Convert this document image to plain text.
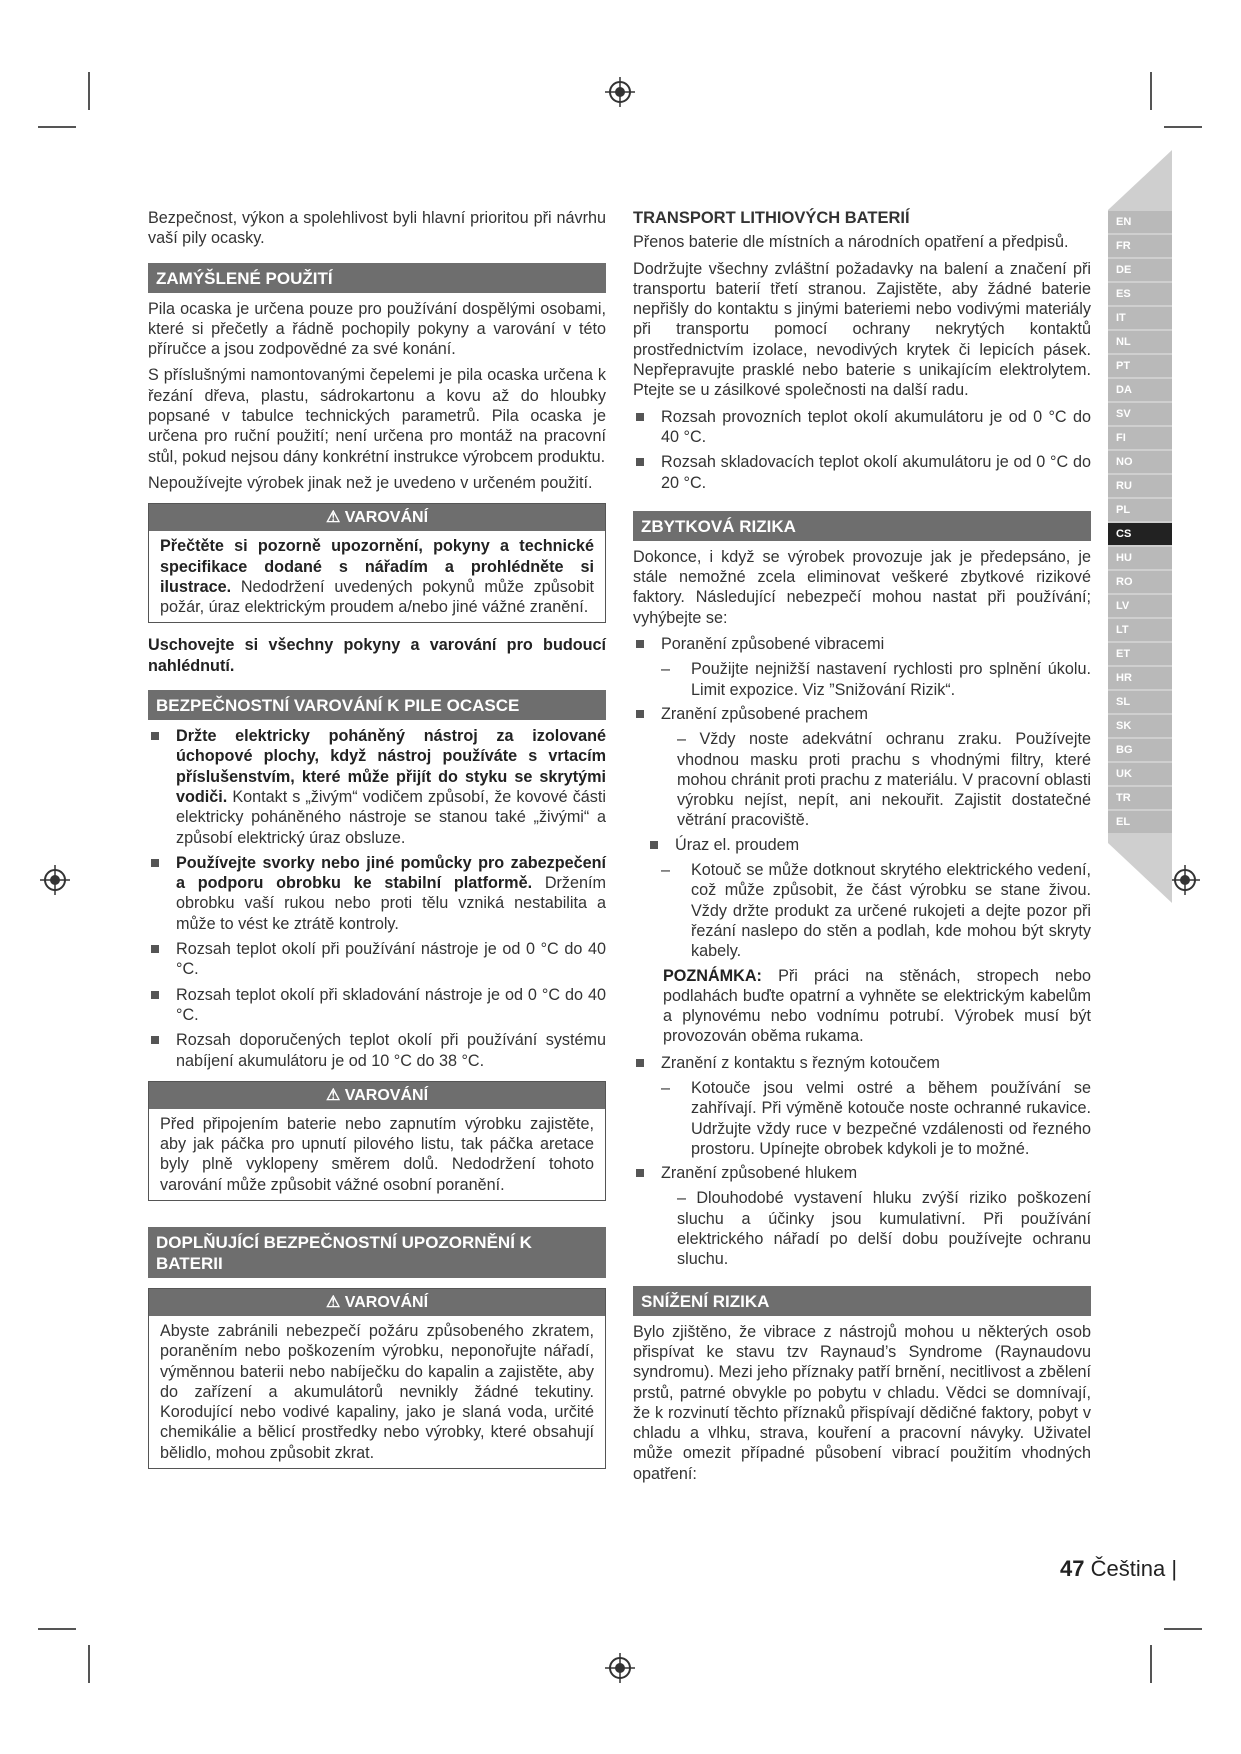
EN
FR
DE
ES
IT
NL
PT
DA
SV
FI
NO
RU
PL
CS
HU
RO
LV
LT
ET
HR
SL
SK
BG
UK
TR
EL

Bezpečnost, výkon a spolehlivost byli hlavní prioritou při návrhu vaší pily ocasky.

ZAMÝŠLENÉ POUŽITÍ

Pila ocaska je určena pouze pro používání dospělými osobami, které si přečetly a řádně pochopily pokyny a varování v této příručce a jsou zodpovědné za své konání.

S příslušnými namontovanými čepelemi je pila ocaska určena k řezání dřeva, plastu, sádrokartonu a kovu až do hloubky popsané v tabulce technických parametrů. Pila ocaska je určena pro ruční použití; není určena pro montáž na pracovní stůl, pokud nejsou dány konkrétní instrukce výrobcem produktu.

Nepoužívejte výrobek jinak než je uvedeno v určeném použití.

⚠ VAROVÁNÍ

Přečtěte si pozorně upozornění, pokyny a technické specifikace dodané s nářadím a prohlédněte si ilustrace. Nedodržení uvedených pokynů může způsobit požár, úraz elektrickým proudem a/nebo jiné vážné zranění.

Uschovejte si všechny pokyny a varování pro budoucí nahlédnutí.

BEZPEČNOSTNÍ VAROVÁNÍ K PILE OCASCE
Držte elektricky poháněný nástroj za izolované úchopové plochy, když nástroj používáte s vrtacím příslušenstvím, které může přijít do styku se skrytými vodiči. Kontakt s „živým“ vodičem způsobí, že kovové části elektricky poháněného nástroje se stanou také „živými“ a způsobí elektrický úraz obsluze.
Používejte svorky nebo jiné pomůcky pro zabezpečení a podporu obrobku ke stabilní platformě. Držením obrobku vaší rukou nebo proti tělu vzniká nestabilita a může to vést ke ztrátě kontroly.
Rozsah teplot okolí při používání nástroje je od 0 °C do 40 °C.
Rozsah teplot okolí při skladování nástroje je od 0 °C do 40 °C.
Rozsah doporučených teplot okolí při používání systému nabíjení akumulátoru je od 10 °C do 38 °C.
⚠ VAROVÁNÍ

Před připojením baterie nebo zapnutím výrobku zajistěte, aby jak páčka pro upnutí pilového listu, tak páčka aretace byly plně vyklopeny směrem dolů. Nedodržení tohoto varování může způsobit vážné osobní poranění.

DOPLŇUJÍCÍ BEZPEČNOSTNÍ UPOZORNĚNÍ K BATERII
⚠ VAROVÁNÍ

Abyste zabránili nebezpečí požáru způsobeného zkratem, poraněním nebo poškozením výrobku, neponořujte nářadí, výměnnou baterii nebo nabíječku do kapalin a zajistěte, aby do zařízení a akumulátorů nevnikly žádné tekutiny. Korodující nebo vodivé kapaliny, jako je slaná voda, určité chemikálie a bělicí prostředky nebo výrobky, které obsahují bělidlo, mohou způsobit zkrat.

TRANSPORT LITHIOVÝCH BATERIÍ

Přenos baterie dle místních a národních opatření a předpisů.

Dodržujte všechny zvláštní požadavky na balení a značení při transportu baterií třetí stranou. Zajistěte, aby žádné baterie nepřišly do kontaktu s jinými bateriemi nebo vodivými materiály při transportu pomocí ochrany nekrytých kontaktů prostřednictvím izolace, nevodivých krytek či lepicích pásek. Nepřepravujte prasklé nebo baterie s unikajícím elektrolytem. Ptejte se u zásilkové společnosti na další radu.

Rozsah provozních teplot okolí akumulátoru je od 0 °C do 40 °C.
Rozsah skladovacích teplot okolí akumulátoru je od 0 °C do 20 °C.
ZBYTKOVÁ RIZIKA

Dokonce, i když se výrobek provozuje jak je předepsáno, je stále nemožné zcela eliminovat veškeré zbytkové rizikové faktory. Následující nebezpečí mohou nastat při používání; vyhýbejte se:

Poranění způsobené vibracemi
–	Použijte nejnižší nastavení rychlosti pro splnění úkolu. Limit expozice. Viz ”Snižování Rizik“.
Zranění způsobené prachem
– Vždy noste adekvátní ochranu zraku. Používejte vhodnou masku proti prachu s vhodnými filtry, které mohou chránit proti prachu z materiálu. V pracovní oblasti výrobku nejíst, nepít, ani nekouřit. Zajistit dostatečné větrání pracoviště.
Úraz el. proudem
–	Kotouč se může dotknout skrytého elektrického vedení, což může způsobit, že část výrobku se stane živou. Vždy držte produkt za určené rukojeti a dejte pozor při řezání naslepo do stěn a podlah, kde mohou být skryty kabely.

POZNÁMKA: Při práci na stěnách, stropech nebo podlahách buďte opatrní a vyhněte se elektrickým kabelům a plynovému nebo vodnímu potrubí. Výrobek musí být provozován oběma rukama.

Zranění z kontaktu s řezným kotoučem
–	Kotouče jsou velmi ostré a během používání se zahřívají. Při výměně kotouče noste ochranné rukavice. Udržujte vždy ruce v bezpečné vzdálenosti od řezného prostoru. Upínejte obrobek kdykoli je to možné.
Zranění způsobené hlukem
– Dlouhodobé vystavení hluku zvýší riziko poškození sluchu a účinky jsou kumulativní. Při používání elektrického nářadí po delší dobu používejte ochranu sluchu.
SNÍŽENÍ RIZIKA

Bylo zjištěno, že vibrace z nástrojů mohou u některých osob přispívat ke stavu tzv Raynaud’s Syndrome (Raynaudovu syndromu). Mezi jeho příznaky patří brnění, necitlivost a zbělení prstů, patrné obvykle po pobytu v chladu. Vědci se domnívají, že k rozvinutí těchto příznaků přispívají dědičné faktory, pobyt v chladu a vlhku, strava, kouření a pracovní návyky. Uživatel může omezit případné působení vibrací použitím vhodných opatření:

47 Čeština |
